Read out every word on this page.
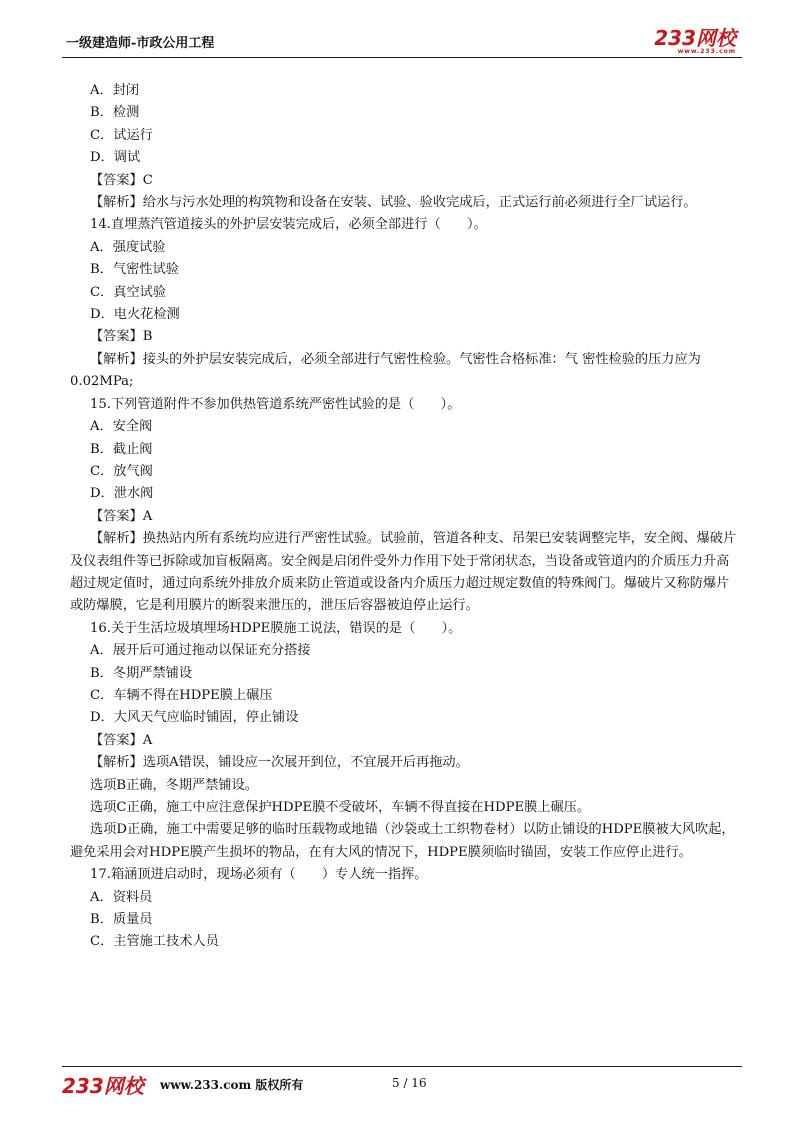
一级建造师-市政公用工程	233网校
www.233.com
A．封闭
B．检测
C．试运行
D．调试
【答案】C
【解析】给水与污水处理的构筑物和设备在安装、试验、验收完成后，正式运行前必须进行全厂试运行。
14.直埋蒸汽管道接头的外护层安装完成后，必须全部进行（　　）。
A．强度试验
B．气密性试验
C．真空试验
D．电火花检测
【答案】B
【解析】接头的外护层安装完成后，必须全部进行气密性检验。气密性合格标准：气 密性检验的压力应为0.02MPa;
15.下列管道附件不参加供热管道系统严密性试验的是（　　）。
A．安全阀
B．截止阀
C．放气阀
D．泄水阀
【答案】A
【解析】换热站内所有系统均应进行严密性试验。试验前，管道各种支、吊架已安装调整完毕，安全阀、爆破片及仪表组件等已拆除或加盲板隔离。安全阀是启闭件受外力作用下处于常闭状态，当设备或管道内的介质压力升高超过规定值时，通过向系统外排放介质来防止管道或设备内介质压力超过规定数值的特殊阀门。爆破片又称防爆片或防爆膜，它是利用膜片的断裂来泄压的，泄压后容器被迫停止运行。
16.关于生活垃圾填埋场HDPE膜施工说法，错误的是（　　）。
A．展开后可通过拖动以保证充分搭接
B．冬期严禁铺设
C．车辆不得在HDPE膜上碾压
D．大风天气应临时铺固，停止铺设
【答案】A
【解析】选项A错误，铺设应一次展开到位，不宜展开后再拖动。
选项B正确，冬期严禁铺设。
选项C正确，施工中应注意保护HDPE膜不受破坏，车辆不得直接在HDPE膜上碾压。
选项D正确，施工中需要足够的临时压载物或地锚（沙袋或土工织物卷材）以防止铺设的HDPE膜被大风吹起，避免采用会对HDPE膜产生损坏的物品，在有大风的情况下，HDPE膜须临时锚固，安装工作应停止进行。
17.箱涵顶进启动时，现场必须有（　　）专人统一指挥。
A．资料员
B．质量员
C．主管施工技术人员
233网校 www.233.com 版权所有	5 / 16
